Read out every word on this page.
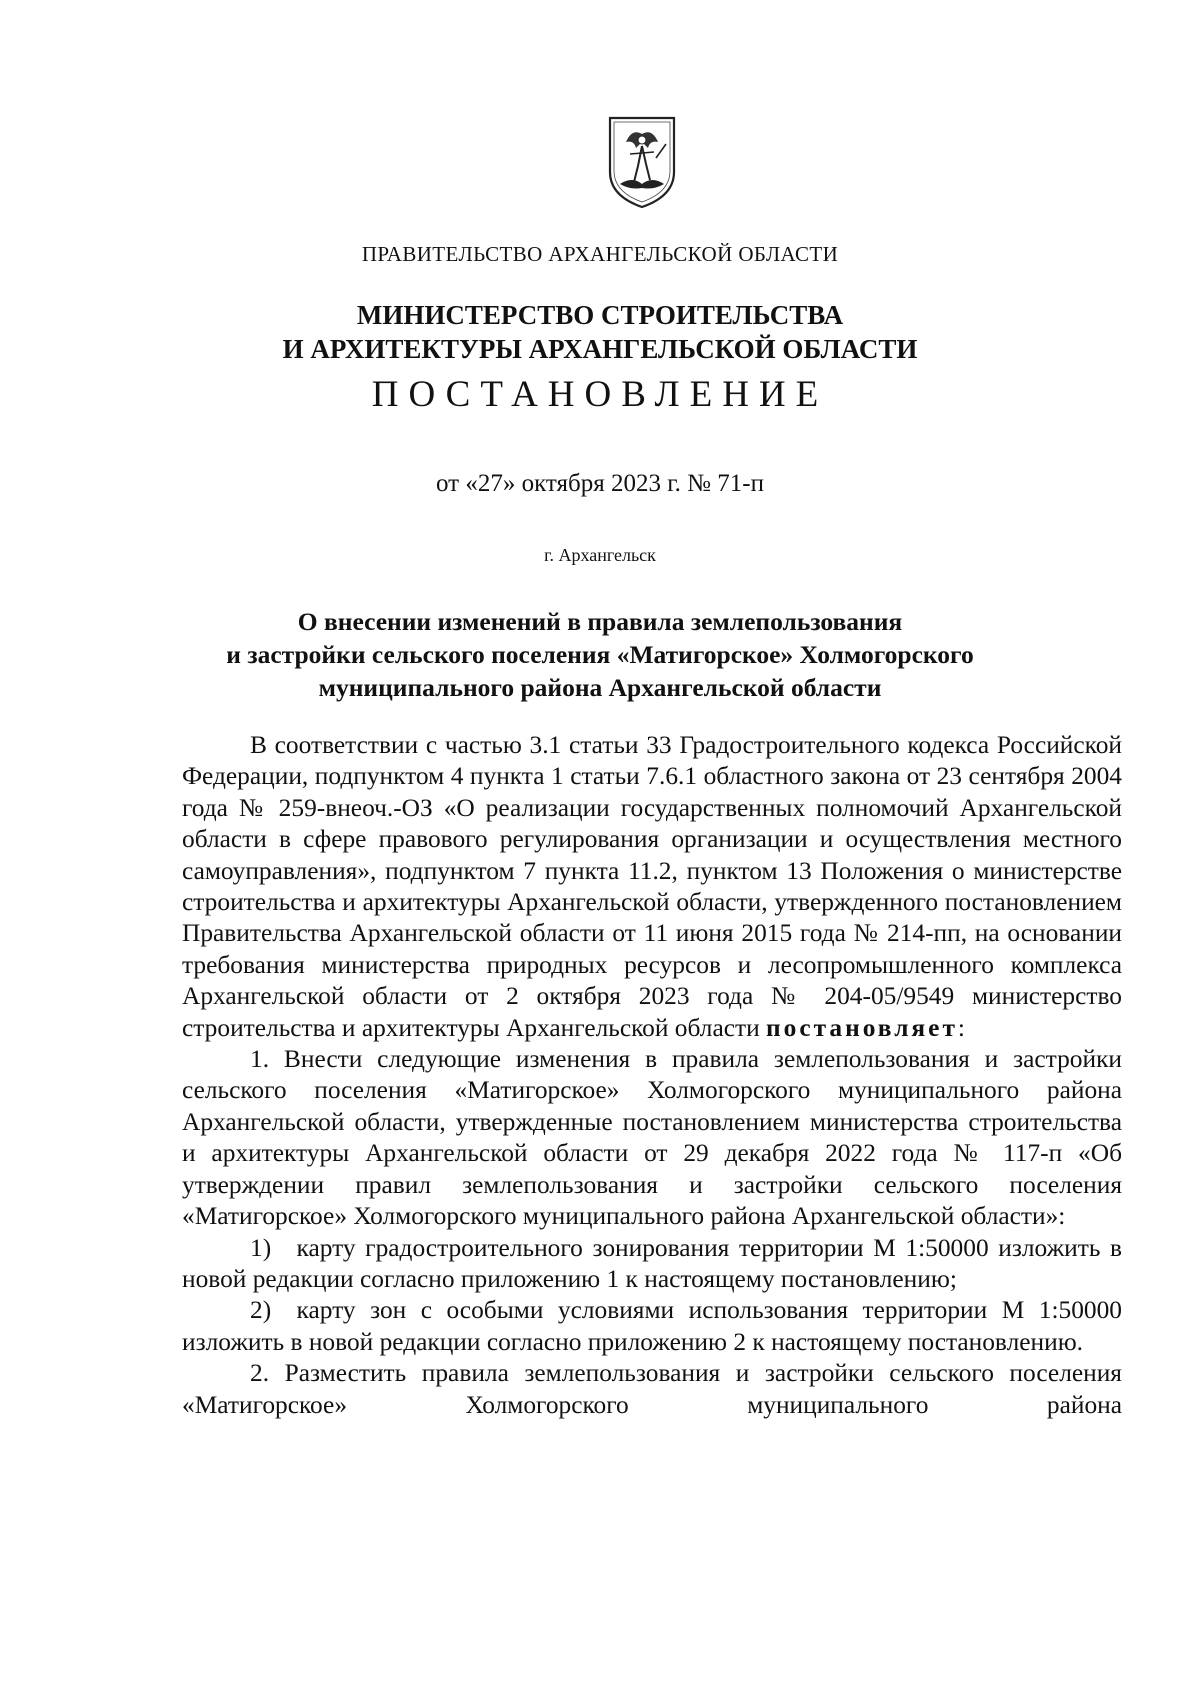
ПРАВИТЕЛЬСТВО АРХАНГЕЛЬСКОЙ ОБЛАСТИ
МИНИСТЕРСТВО СТРОИТЕЛЬСТВА
И АРХИТЕКТУРЫ АРХАНГЕЛЬСКОЙ ОБЛАСТИ
ПОСТАНОВЛЕНИЕ
от «27» октября 2023 г. № 71-п
г. Архангельск
О внесении изменений в правила землепользования
и застройки сельского поселения «Матигорское» Холмогорского
муниципального района Архангельской области

В соответствии с частью 3.1 статьи 33 Градостроительного кодекса Российской Федерации, подпунктом 4 пункта 1 статьи 7.6.1 областного закона от 23 сентября 2004 года № 259-внеоч.-ОЗ «О реализации государственных полномочий Архангельской области в сфере правового регулирования организации и осуществления местного самоуправления», подпунктом 7 пункта 11.2, пунктом 13 Положения о министерстве строительства и архитектуры Архангельской области, утвержденного постановлением Правительства Архангельской области от 11 июня 2015 года № 214-пп, на основании требования министерства природных ресурсов и лесопромышленного комплекса Архангельской области от 2 октября 2023 года № 204-05/9549 министерство строительства и архитектуры Архангельской области постановляет:

1. Внести следующие изменения в правила землепользования и застройки сельского поселения «Матигорское» Холмогорского муниципального района Архангельской области, утвержденные постановлением министерства строительства и архитектуры Архангельской области от 29 декабря 2022 года № 117-п «Об утверждении правил землепользования и застройки сельского поселения «Матигорское» Холмогорского муниципального района Архангельской области»:

1) карту градостроительного зонирования территории М 1:50000 изложить в новой редакции согласно приложению 1 к настоящему постановлению;

2) карту зон с особыми условиями использования территории М 1:50000 изложить в новой редакции согласно приложению 2 к настоящему постановлению.

2. Разместить правила землепользования и застройки сельского поселения «Матигорское» Холмогорского муниципального района
